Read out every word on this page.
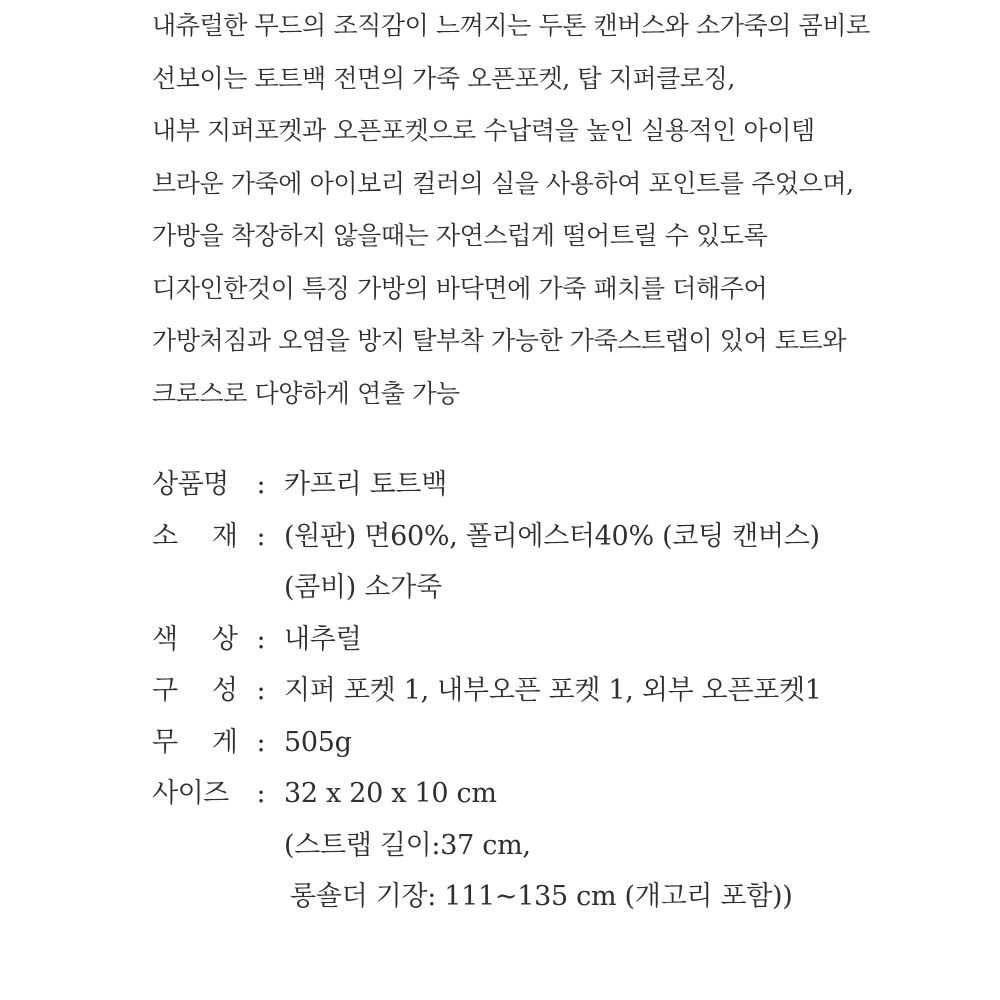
내츄럴한 무드의 조직감이 느껴지는 두톤 캔버스와 소가죽의 콤비로
선보이는 토트백 전면의 가죽 오픈포켓, 탑 지퍼클로징,
내부 지퍼포켓과 오픈포켓으로 수납력을 높인 실용적인 아이템
브라운 가죽에 아이보리 컬러의 실을 사용하여 포인트를 주었으며,
가방을 착장하지 않을때는 자연스럽게 떨어트릴 수 있도록
디자인한것이 특징 가방의 바닥면에 가죽 패치를 더해주어
가방처짐과 오염을 방지 탈부착 가능한 가죽스트랩이 있어 토트와
크로스로 다양하게 연출 가능
상품명	: 카프리 토트백
소 재 : (원판) 면60%, 폴리에스터40% (코팅 캔버스)
(콤비) 소가죽
색 상 : 내추럴
구 성 : 지퍼 포켓 1, 내부오픈 포켓 1, 외부 오픈포켓1
무 게 : 505g
사이즈	: 32 x 20 x 10 cm
(스트랩 길이:37 cm,
롱숄더 기장: 111~135 cm (개고리 포함))
